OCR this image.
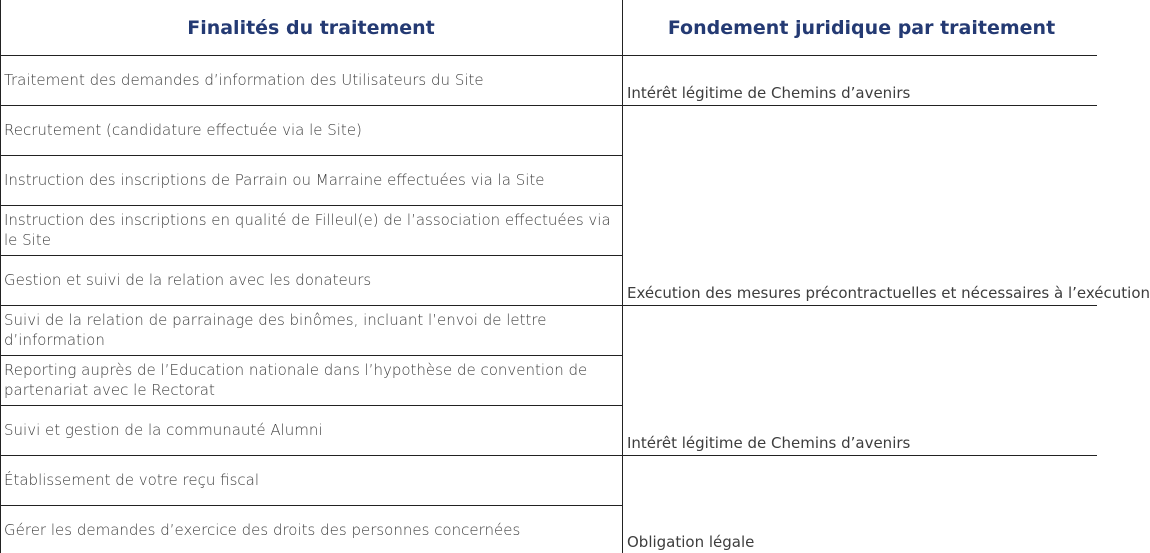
Finalités du traitement	Fondement juridique par traitement
Traitement des demandes d’information des Utilisateurs du Site
Recrutement (candidature effectuée via le Site)
Instruction des inscriptions de Parrain ou Marraine effectuées via la Site
Instruction des inscriptions en qualité de Filleul(e) de l’association effectuées via le Site
Gestion et suivi de la relation avec les donateurs
Suivi de la relation de parrainage des binômes, incluant l’envoi de lettre d’information
Reporting auprès de l’Education nationale dans l’hypothèse de convention de partenariat avec le Rectorat
Suivi et gestion de la communauté Alumni
Établissement de votre reçu fiscal
Gérer les demandes d’exercice des droits des personnes concernées
Intérêt légitime de Chemins d’avenirs
Exécution des mesures précontractuelles et nécessaires à l’exécution
Intérêt légitime de Chemins d’avenirs
Obligation légale
